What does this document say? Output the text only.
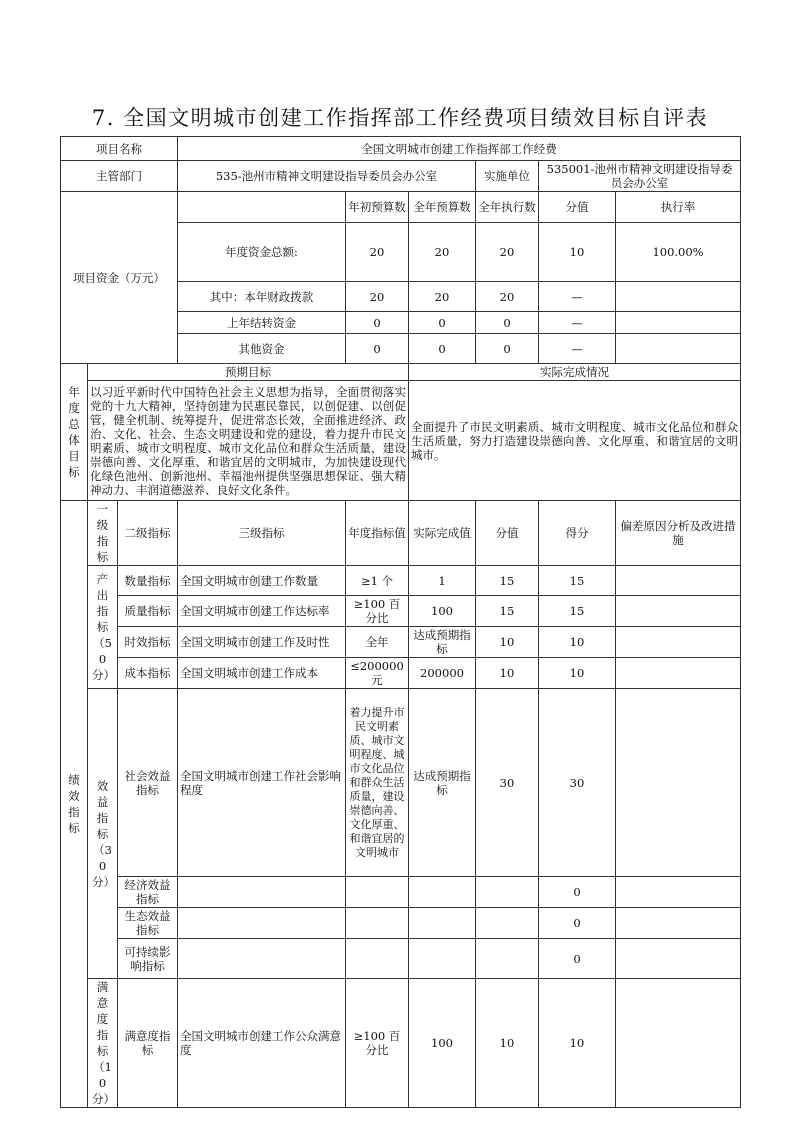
7. 全国文明城市创建工作指挥部工作经费项目绩效目标自评表
项目名称			全国文明城市创建工作指挥部工作经费						
主管部门			535-池州市精神文明建设指导委员会办公室			实施单位	535001-池州市精神文明建设指导委员会办公室		
项目资金（万元）				年初预算数	全年预算数	全年执行数	分值	执行率	
			年度资金总额:	20	20	20	10	100.00%	
			其中：本年财政拨款	20	20	20	—		
			上年结转资金	0	0	0	—		
			其他资金	0	0	0	—		
年度总体目标	预期目标				实际完成情况				
	以习近平新时代中国特色社会主义思想为指导，全面贯彻落实党的十九大精神，坚持创建为民惠民靠民，以创促建、以创促管，健全机制、统筹提升，促进常态长效，全面推进经济、政治、文化、社会、生态文明建设和党的建设，着力提升市民文明素质、城市文明程度、城市文化品位和群众生活质量，建设崇德向善、文化厚重、和谐宜居的文明城市，为加快建设现代化绿色池州、创新池州、幸福池州提供坚强思想保证、强大精神动力、丰润道德滋养、良好文化条件。				全面提升了市民文明素质、城市文明程度、城市文化品位和群众生活质量，努力打造建设崇德向善、文化厚重、和谐宜居的文明城市。				
绩效指标	一级指标	二级指标	三级指标	年度指标值	实际完成值	分值	得分	偏差原因分析及改进措施	
	产出指标（50分）	数量指标	全国文明城市创建工作数量	≥1 个	1	15	15		
		质量指标	全国文明城市创建工作达标率	≥100 百分比	100	15	15		
		时效指标	全国文明城市创建工作及时性	全年	达成预期指标	10	10		
		成本指标	全国文明城市创建工作成本	≤200000 元	200000	10	10		
	效益指标（30分）	社会效益指标	全国文明城市创建工作社会影响程度	着力提升市民文明素质、城市文明程度、城市文化品位和群众生活质量，建设崇德向善、文化厚重、和谐宜居的文明城市	达成预期指标	30	30		
		经济效益指标					0		
		生态效益指标					0		
		可持续影响指标					0		
	满意度指标（10分）	满意度指标	全国文明城市创建工作公众满意度	≥100 百分比	100	10	10		
